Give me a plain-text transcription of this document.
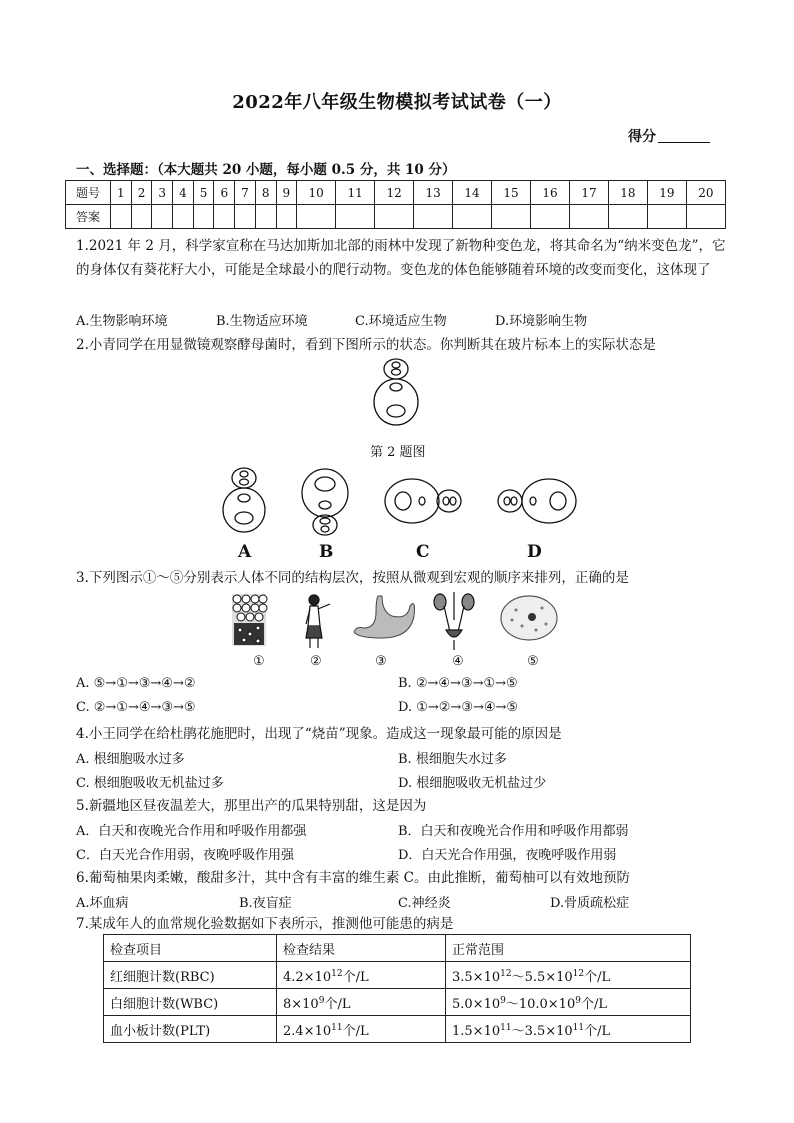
2022年八年级生物模拟考试试卷（一）
得分
一、选择题：（本大题共 20 小题，每小题 0.5 分，共 10 分）
题号	1	2	3	4	5	6	7	8	9	10	11	12	13	14	15	16	17	18	19	20
答案																				
1.2021 年 2 月，科学家宣称在马达加斯加北部的雨林中发现了新物种变色龙，将其命名为“纳米变色龙”，它的身体仅有葵花籽大小，可能是全球最小的爬行动物。变色龙的体色能够随着环境的改变而变化，这体现了
A.生物影响环境	B.生物适应环境	C.环境适应生物	D.环境影响生物
2.小青同学在用显微镜观察酵母菌时，看到下图所示的状态。你判断其在玻片标本上的实际状态是
第 2 题图
A	B	C	D
3.下列图示①～⑤分别表示人体不同的结构层次，按照从微观到宏观的顺序来排列，正确的是
①	②	③	④	⑤
A. ⑤→①→③→④→②	B. ②→④→③→①→⑤
C. ②→①→④→③→⑤	D. ①→②→③→④→⑤
4.小王同学在给杜鹃花施肥时，出现了“烧苗”现象。造成这一现象最可能的原因是
A. 根细胞吸水过多	B. 根细胞失水过多
C. 根细胞吸收无机盐过多	D. 根细胞吸收无机盐过少
5.新疆地区昼夜温差大，那里出产的瓜果特别甜，这是因为
A．白天和夜晚光合作用和呼吸作用都强	B．白天和夜晚光合作用和呼吸作用都弱
C．白天光合作用弱，夜晚呼吸作用强	D．白天光合作用强，夜晚呼吸作用弱
6.葡萄柚果肉柔嫩，酸甜多汁，其中含有丰富的维生素 C。由此推断，葡萄柚可以有效地预防
A.坏血病	B.夜盲症	C.神经炎	D.骨质疏松症
7.某成年人的血常规化验数据如下表所示，推测他可能患的病是
检查项目	检查结果	正常范围
红细胞计数(RBC)	$4.2\times 10^{12}$个/L	$3.5\times 10^{12}\sim 5.5\times 10^{12}$个/L
白细胞计数(WBC)	$8\times 10^9$个/L	$5.0\times 10^9\sim 10.0\times 10^9$个/L
血小板计数(PLT)	$2.4\times 10^{11}$个/L	$1.5\times 10^{11}\sim 3.5\times 10^{11}$个/L
